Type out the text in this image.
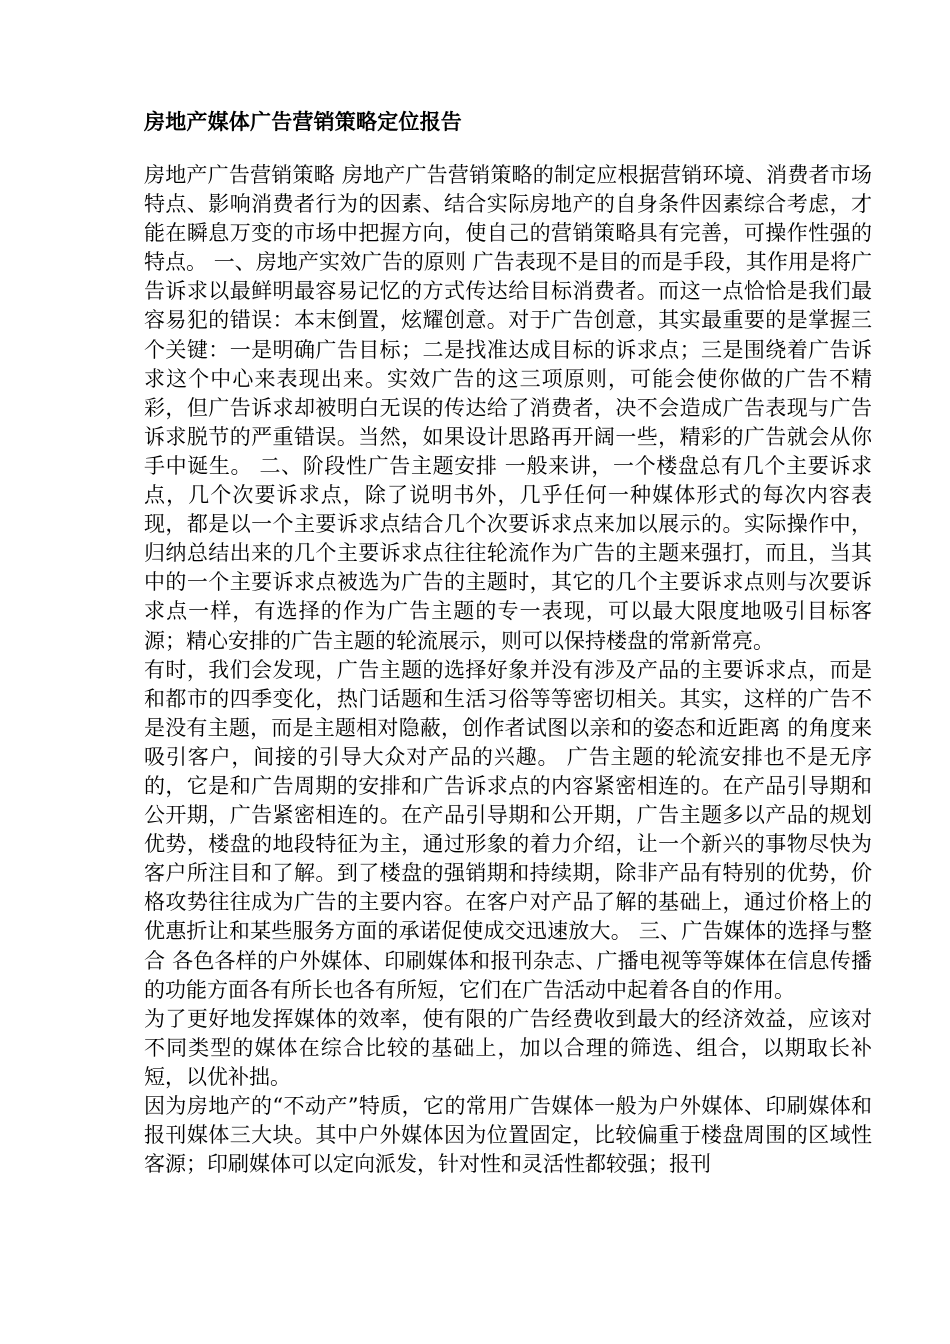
房地产媒体广告营销策略定位报告

房地产广告营销策略 房地产广告营销策略的制定应根据营销环境、消费者市场特点、影响消费者行为的因素、结合实际房地产的自身条件因素综合考虑，才能在瞬息万变的市场中把握方向，使自己的营销策略具有完善，可操作性强的特点。 一、房地产实效广告的原则 广告表现不是目的而是手段，其作用是将广告诉求以最鲜明最容易记忆的方式传达给目标消费者。而这一点恰恰是我们最容易犯的错误：本末倒置，炫耀创意。对于广告创意，其实最重要的是掌握三个关键：一是明确广告目标；二是找准达成目标的诉求点；三是围绕着广告诉求这个中心来表现出来。实效广告的这三项原则，可能会使你做的广告不精彩，但广告诉求却被明白无误的传达给了消费者，决不会造成广告表现与广告诉求脱节的严重错误。当然，如果设计思路再开阔一些，精彩的广告就会从你手中诞生。 二、阶段性广告主题安排 一般来讲，一个楼盘总有几个主要诉求点，几个次要诉求点，除了说明书外，几乎任何一种媒体形式的每次内容表现，都是以一个主要诉求点结合几个次要诉求点来加以展示的。实际操作中，归纳总结出来的几个主要诉求点往往轮流作为广告的主题来强打，而且，当其中的一个主要诉求点被选为广告的主题时，其它的几个主要诉求点则与次要诉求点一样，有选择的作为广告主题的专一表现，可以最大限度地吸引目标客源；精心安排的广告主题的轮流展示，则可以保持楼盘的常新常亮。

有时，我们会发现，广告主题的选择好象并没有涉及产品的主要诉求点，而是和都市的四季变化，热门话题和生活习俗等等密切相关。其实，这样的广告不是没有主题，而是主题相对隐蔽，创作者试图以亲和的姿态和近距离 的角度来吸引客户，间接的引导大众对产品的兴趣。 广告主题的轮流安排也不是无序的，它是和广告周期的安排和广告诉求点的内容紧密相连的。在产品引导期和公开期，广告紧密相连的。在产品引导期和公开期，广告主题多以产品的规划优势，楼盘的地段特征为主，通过形象的着力介绍，让一个新兴的事物尽快为客户所注目和了解。到了楼盘的强销期和持续期，除非产品有特别的优势，价格攻势往往成为广告的主要内容。在客户对产品了解的基础上，通过价格上的优惠折让和某些服务方面的承诺促使成交迅速放大。 三、广告媒体的选择与整合 各色各样的户外媒体、印刷媒体和报刊杂志、广播电视等等媒体在信息传播的功能方面各有所长也各有所短，它们在广告活动中起着各自的作用。

为了更好地发挥媒体的效率，使有限的广告经费收到最大的经济效益，应该对不同类型的媒体在综合比较的基础上，加以合理的筛选、组合，以期取长补短，以优补拙。

因为房地产的“不动产”特质，它的常用广告媒体一般为户外媒体、印刷媒体和报刊媒体三大块。其中户外媒体因为位置固定，比较偏重于楼盘周围的区域性客源；印刷媒体可以定向派发，针对性和灵活性都较强；报刊
